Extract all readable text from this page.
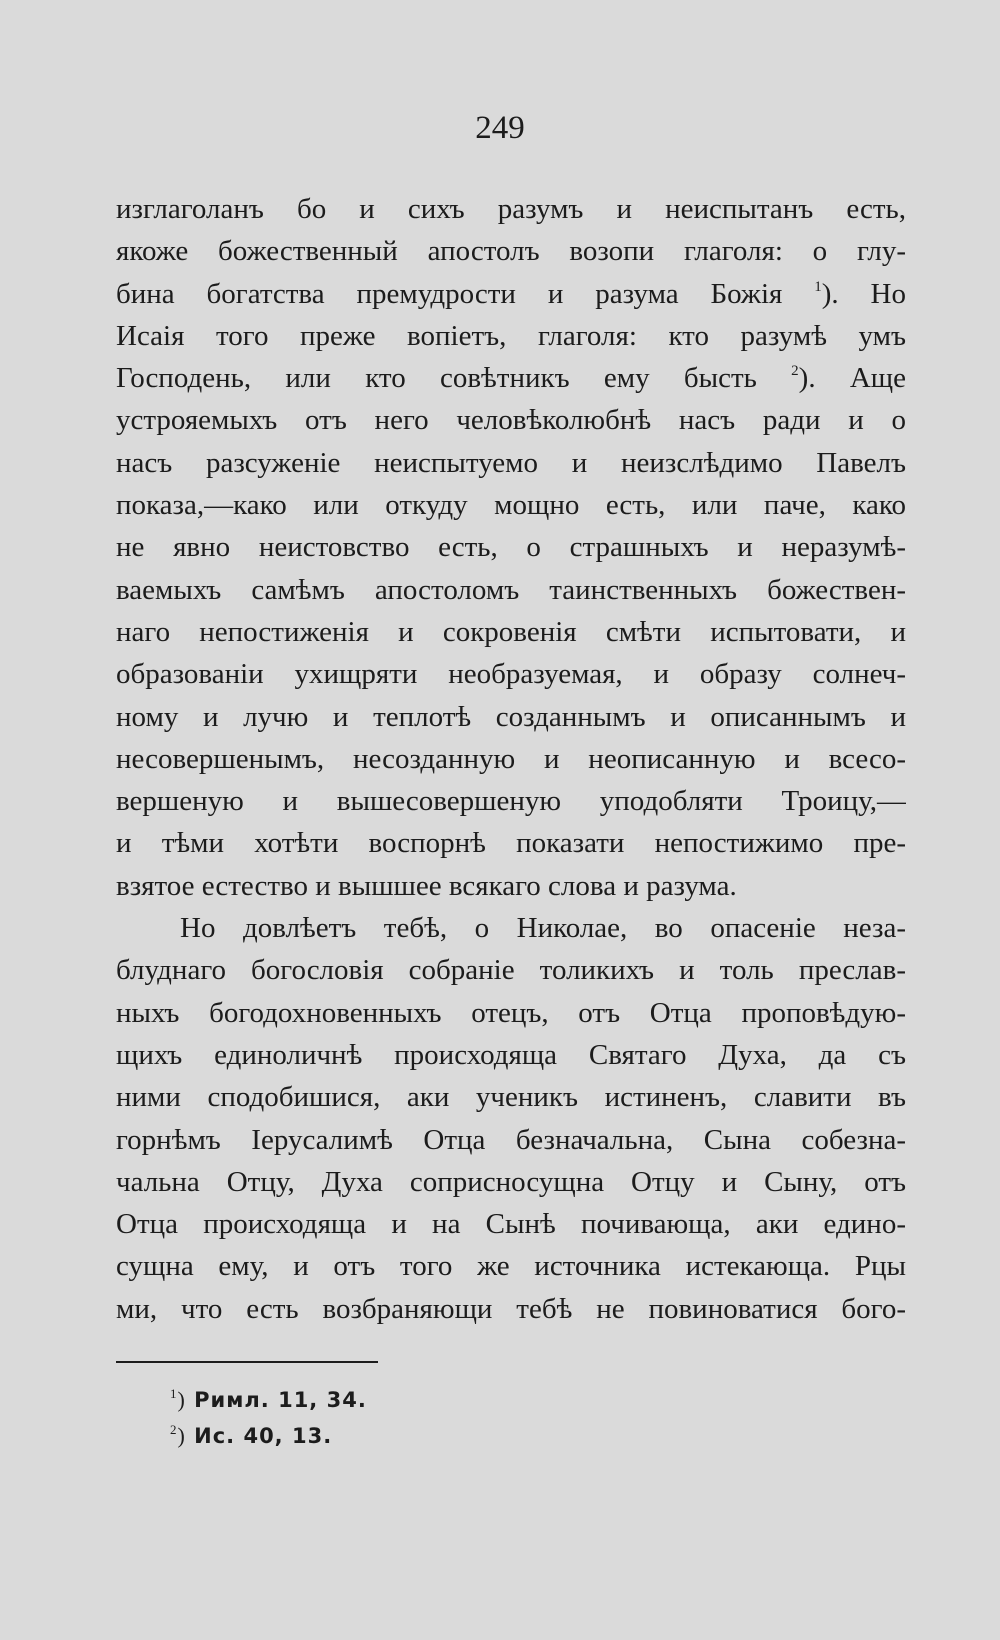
249
изглаголанъ бо и сихъ разумъ и неиспытанъ есть,
якоже божественный апостолъ возопи глаголя: о глу-
бина богатства премудрости и разума Божія $^1$). Но
Исаія того преже вопіетъ, глаголя: кто разумѣ умъ
Господень, или кто совѣтникъ ему бысть $^2$). Аще
устрояемыхъ отъ него человѣколюбнѣ насъ ради и о
насъ разсуженіе неиспытуемо и неизслѣдимо Павелъ
показа,—како или откуду мощно есть, или паче, како
не явно неистовство есть, о страшныхъ и неразумѣ-
ваемыхъ самѣмъ апостоломъ таинственныхъ божествен-
наго непостиженія и сокровенія смѣти испытовати, и
образованіи ухищряти необразуемая, и образу солнеч-
ному и лучю и теплотѣ созданнымъ и описаннымъ и
несовершенымъ, несозданную и неописанную и всесо-
вершеную и вышесовершеную уподобляти Троицу,—
и тѣми хотѣти воспорнѣ показати непостижимо пре-
взятое естество и вышшее всякаго слова и разума.
Но довлѣетъ тебѣ, о Николае, во опасеніе неза-
блуднаго богословія собраніе толикихъ и толь преслав-
ныхъ богодохновенныхъ отецъ, отъ Отца проповѣдую-
щихъ единоличнѣ происходяща Святаго Духа, да съ
ними сподобишися, аки ученикъ истиненъ, славити въ
горнѣмъ Іерусалимѣ Отца безначальна, Сына собезна-
чальна Отцу, Духа соприсносущна Отцу и Сыну, отъ
Отца происходяща и на Сынѣ почивающа, аки едино-
сущна ему, и отъ того же источника истекающа. Рцы
ми, что есть возбраняющи тебѣ не повиноватися бого-
$^1$) Римл. 11, 34.
$^2$) Ис. 40, 13.
